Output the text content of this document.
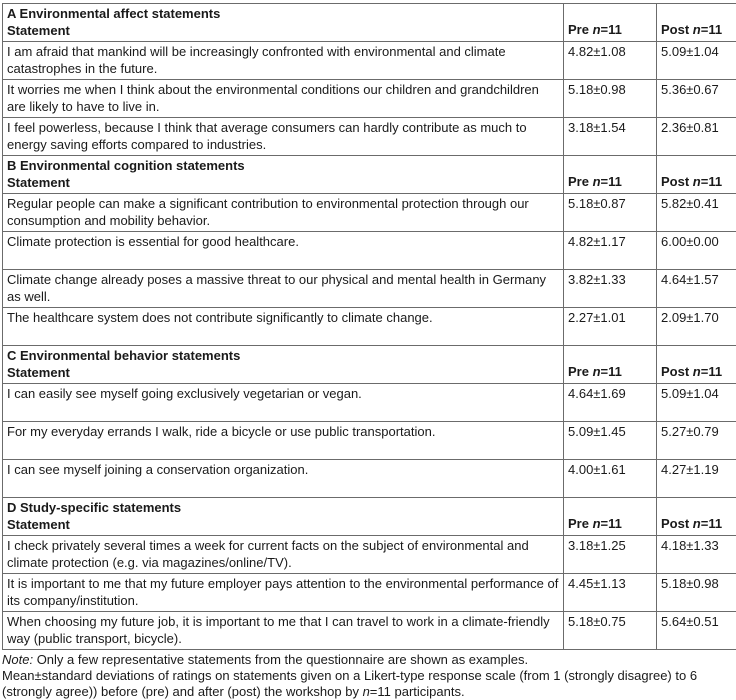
A Environmental affect statements
Statement	Pre n=11	Post n=11

I am afraid that mankind will be increasingly confronted with environmental and climate catastrophes in the future.	4.82±1.08	5.09±1.04
It worries me when I think about the environmental conditions our children and grandchildren are likely to have to live in.	5.18±0.98	5.36±0.67
I feel powerless, because I think that average consumers can hardly contribute as much to energy saving efforts compared to industries.	3.18±1.54	2.36±0.81

B Environmental cognition statements
Statement	Pre n=11	Post n=11

Regular people can make a significant contribution to environmental protection through our consumption and mobility behavior.	5.18±0.87	5.82±0.41
Climate protection is essential for good healthcare.	4.82±1.17	6.00±0.00
Climate change already poses a massive threat to our physical and mental health in Germany as well.	3.82±1.33	4.64±1.57
The healthcare system does not contribute significantly to climate change.	2.27±1.01	2.09±1.70

C Environmental behavior statements
Statement	Pre n=11	Post n=11

I can easily see myself going exclusively vegetarian or vegan.	4.64±1.69	5.09±1.04
For my everyday errands I walk, ride a bicycle or use public transportation.	5.09±1.45	5.27±0.79
I can see myself joining a conservation organization.	4.00±1.61	4.27±1.19

D Study-specific statements
Statement	Pre n=11	Post n=11

I check privately several times a week for current facts on the subject of environmental and climate protection (e.g. via magazines/online/TV).	3.18±1.25	4.18±1.33
It is important to me that my future employer pays attention to the environmental performance of its company/institution.	4.45±1.13	5.18±0.98
When choosing my future job, it is important to me that I can travel to work in a climate-friendly way (public transport, bicycle).	5.18±0.75	5.64±0.51
Note: Only a few representative statements from the questionnaire are shown as examples.
Mean±standard deviations of ratings on statements given on a Likert-type response scale (from 1 (strongly disagree) to 6 (strongly agree)) before (pre) and after (post) the workshop by n=11 participants.
